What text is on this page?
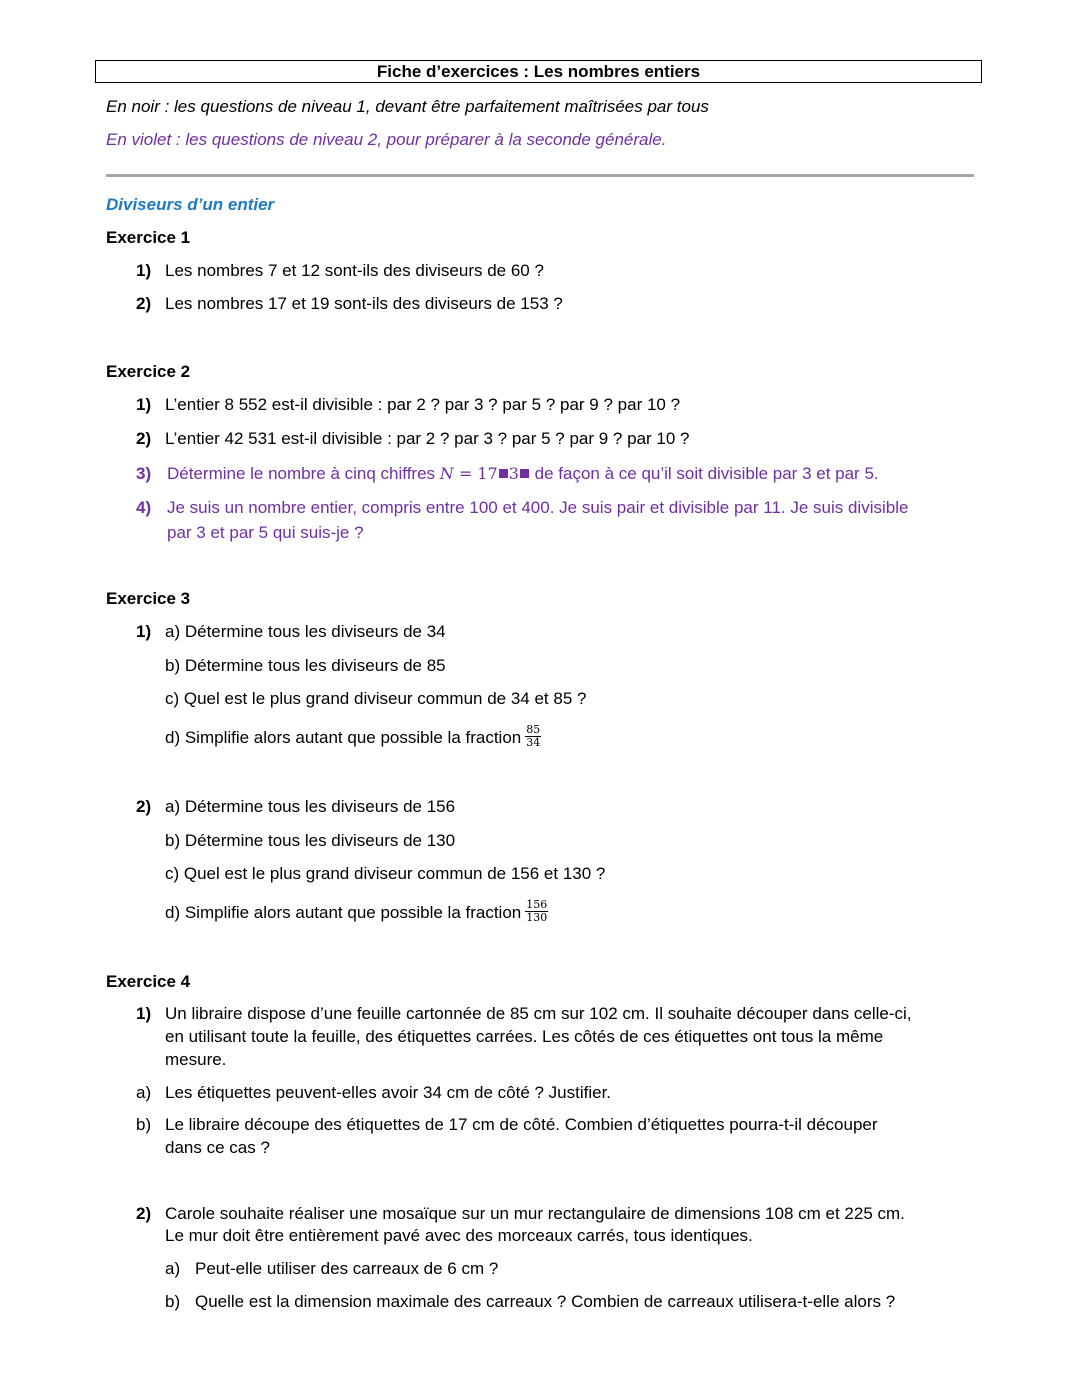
Fiche d’exercices : Les nombres entiers
En noir : les questions de niveau 1, devant être parfaitement maîtrisées par tous
En violet : les questions de niveau 2, pour préparer à la seconde générale.
Diviseurs d’un entier
Exercice 1
1) Les nombres 7 et 12 sont-ils des diviseurs de 60 ?
2) Les nombres 17 et 19 sont-ils des diviseurs de 153 ?
Exercice 2
1) L’entier 8 552 est-il divisible : par 2 ? par 3 ? par 5 ? par 9 ? par 10 ?
2) L’entier 42 531 est-il divisible : par 2 ? par 3 ? par 5 ? par 9 ? par 10 ?
3) Détermine le nombre à cinq chiffres N = 17 3 de façon à ce qu’il soit divisible par 3 et par 5.
4) Je suis un nombre entier, compris entre 100 et 400. Je suis pair et divisible par 11. Je suis divisible
par 3 et par 5 qui suis-je ?
Exercice 3
1) a) Détermine tous les diviseurs de 34
b) Détermine tous les diviseurs de 85
c) Quel est le plus grand diviseur commun de 34 et 85 ?
d) Simplifie alors autant que possible la fraction $\frac{85}{34}$
2) a) Détermine tous les diviseurs de 156
b) Détermine tous les diviseurs de 130
c) Quel est le plus grand diviseur commun de 156 et 130 ?
d) Simplifie alors autant que possible la fraction $\frac{156}{130}$
Exercice 4
1) Un libraire dispose d’une feuille cartonnée de 85 cm sur 102 cm. Il souhaite découper dans celle-ci,
en utilisant toute la feuille, des étiquettes carrées. Les côtés de ces étiquettes ont tous la même
mesure.
a) Les étiquettes peuvent-elles avoir 34 cm de côté ? Justifier.
b) Le libraire découpe des étiquettes de 17 cm de côté. Combien d’étiquettes pourra-t-il découper
dans ce cas ?
2) Carole souhaite réaliser une mosaïque sur un mur rectangulaire de dimensions 108 cm et 225 cm.
Le mur doit être entièrement pavé avec des morceaux carrés, tous identiques.
a) Peut-elle utiliser des carreaux de 6 cm ?
b) Quelle est la dimension maximale des carreaux ? Combien de carreaux utilisera-t-elle alors ?
